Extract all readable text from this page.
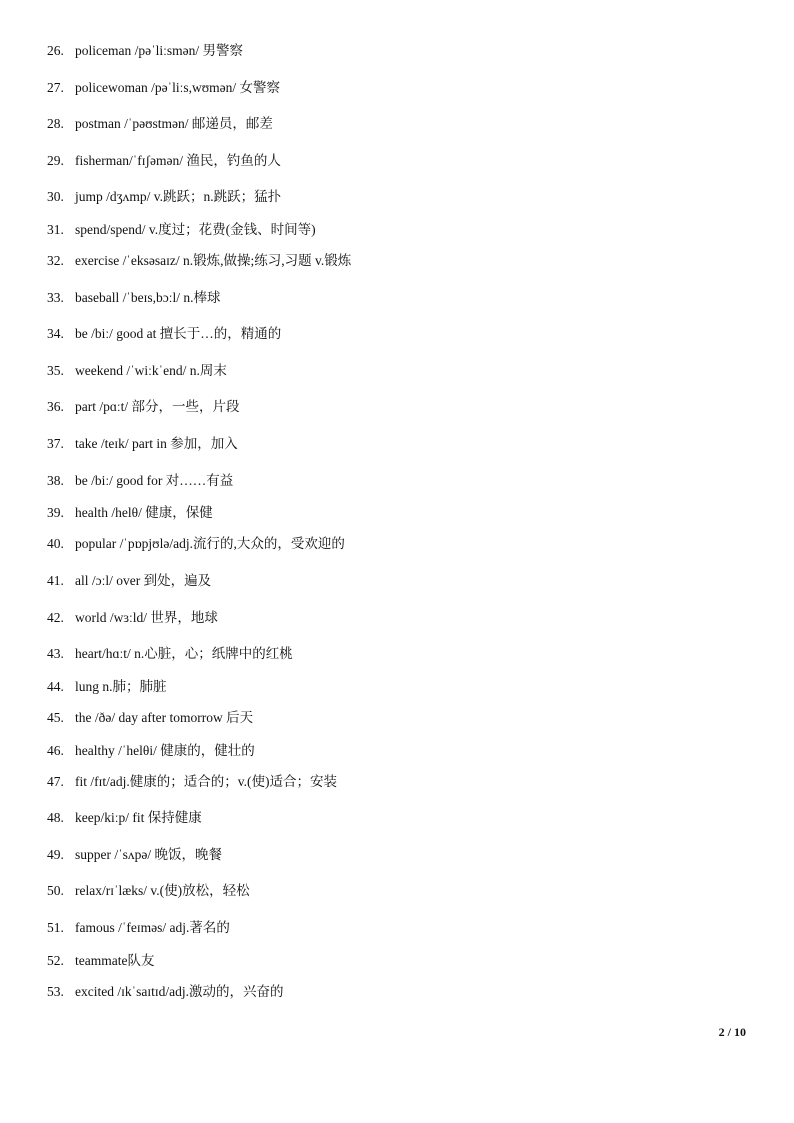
26. policeman /pəˈliːsmən/ 男警察
27. policewoman /pəˈliːs,wʊmən/ 女警察
28. postman /ˈpəʊstmən/ 邮递员，邮差
29. fisherman/ˈfɪʃəmən/ 渔民，钓鱼的人
30. jump /dʒʌmp/ v.跳跃；n.跳跃；猛扑
31. spend/spend/ v.度过；花费(金钱、时间等)
32. exercise /ˈeksəsaɪz/ n.锻炼,做操;练习,习题 v.锻炼
33. baseball /ˈbeɪs,bɔːl/ n.棒球
34. be /biː/ good at 擅长于…的，精通的
35. weekend /ˈwiːkˈend/ n.周末
36. part /pɑːt/ 部分，一些，片段
37. take /teɪk/ part in 参加，加入
38. be /biː/ good for 对……有益
39. health /helθ/ 健康，保健
40. popular /ˈpɒpjʊlə/adj.流行的,大众的，受欢迎的
41. all /ɔːl/ over 到处，遍及
42. world /wɜːld/ 世界，地球
43. heart/hɑːt/ n.心脏，心；纸牌中的红桃
44. lung n.肺；肺脏
45. the /ðə/ day after tomorrow 后天
46. healthy /ˈhelθi/ 健康的，健壮的
47. fit /fɪt/adj.健康的；适合的；v.(使)适合；安装
48. keep/kiːp/ fit 保持健康
49. supper /ˈsʌpə/ 晚饭，晚餐
50. relax/rɪˈlæks/ v.(使)放松，轻松
51. famous /ˈfeɪməs/ adj.著名的
52. teammate队友
53. excited /ɪkˈsaɪtɪd/adj.激动的，兴奋的
2 / 10
